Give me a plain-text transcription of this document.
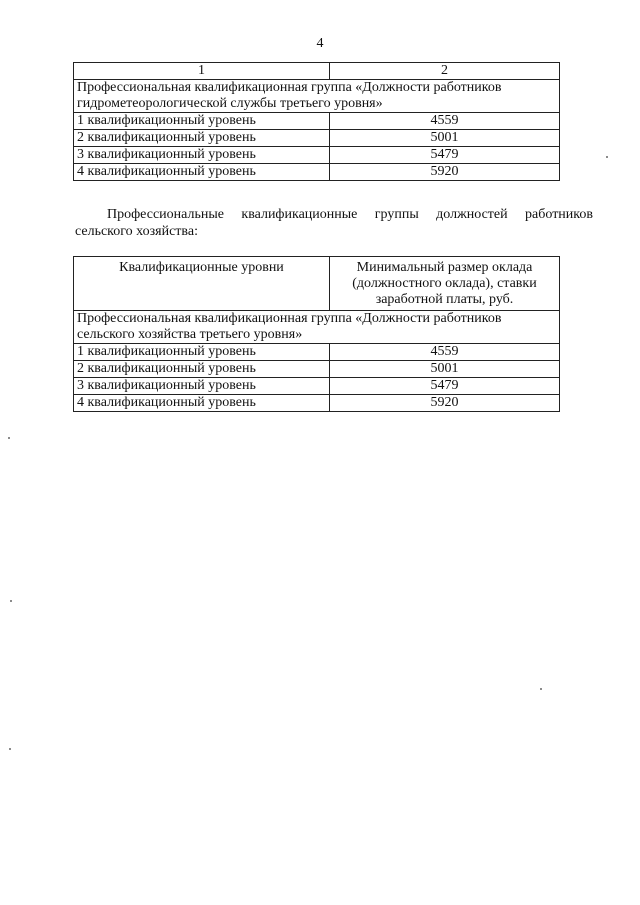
4
1	2
Профессиональная квалификационная группа «Должности работников гидрометеорологической службы третьего уровня»	
1 квалификационный уровень	4559
2 квалификационный уровень	5001
3 квалификационный уровень	5479
4 квалификационный уровень	5920
Профессиональные квалификационные группы должностей работников сельского хозяйства:
Квалификационные уровни	Минимальный размер оклада (должностного оклада), ставки заработной платы, руб.
Профессиональная квалификационная группа «Должности работников сельского хозяйства третьего уровня»	
1 квалификационный уровень	4559
2 квалификационный уровень	5001
3 квалификационный уровень	5479
4 квалификационный уровень	5920
